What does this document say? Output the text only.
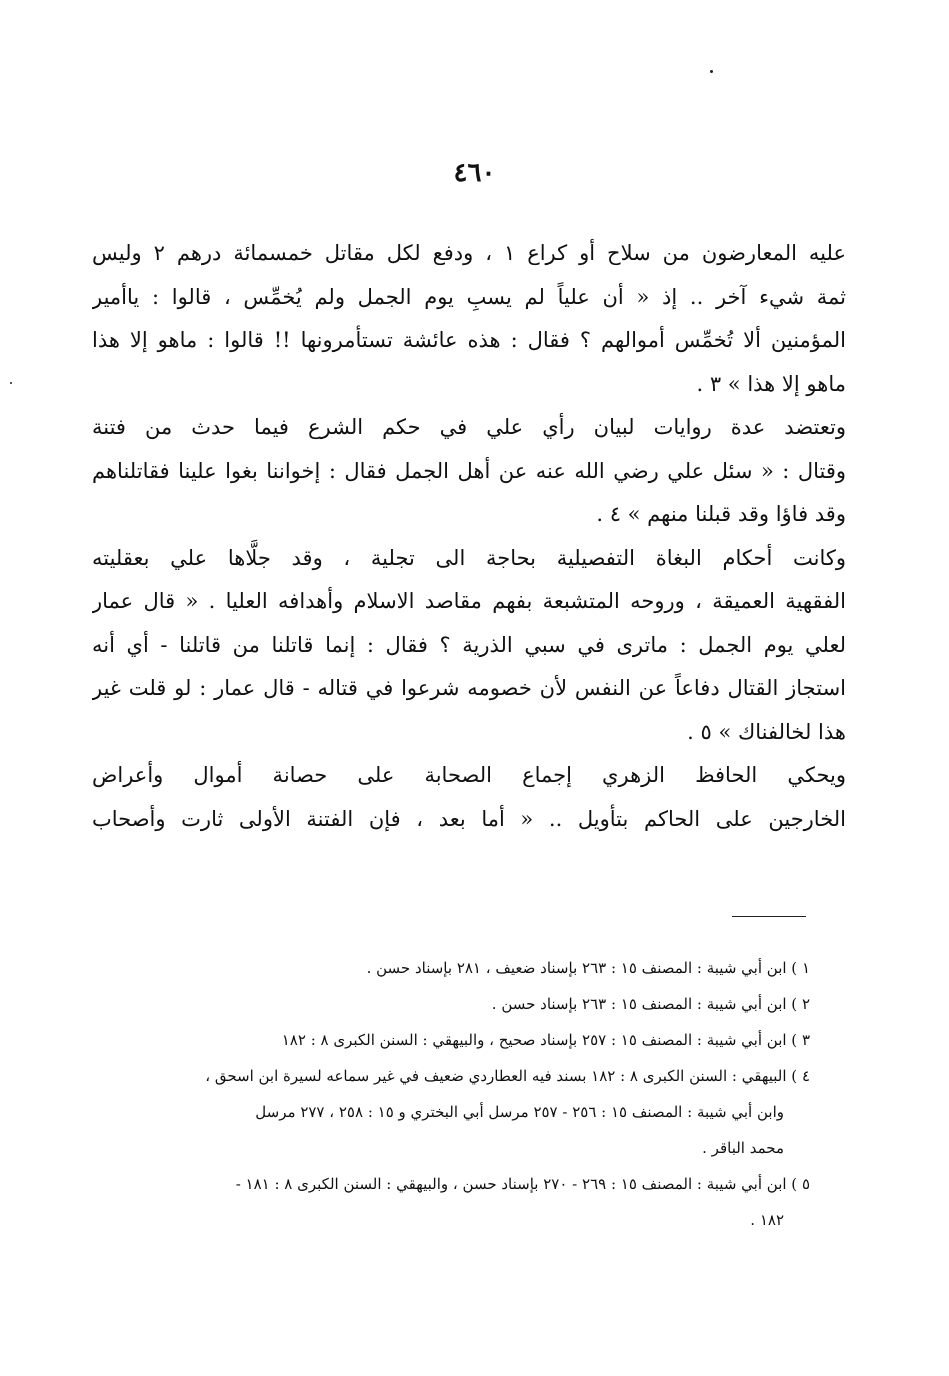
٤٦٠
عليه المعارضون من سلاح أو كراع ١ ، ودفع لكل مقاتل خمسمائة درهم ٢ وليس
ثمة شيء آخر .. إذ « أن علياً لم يسبِ يوم الجمل ولم يُخمِّس ، قالوا : ياأمير
المؤمنين ألا تُخمِّس أموالهم ؟ فقال : هذه عائشة تستأمرونها !! قالوا : ماهو إلا هذا
ماهو إلا هذا » ٣ .
وتعتضد عدة روايات لبيان رأي علي في حكم الشرع فيما حدث من فتنة
وقتال : « سئل علي رضي الله عنه عن أهل الجمل فقال : إخواننا بغوا علينا فقاتلناهم
وقد فاؤا وقد قبلنا منهم » ٤ .
وكانت أحكام البغاة التفصيلية بحاجة الى تجلية ، وقد جلَّاها علي بعقليته
الفقهية العميقة ، وروحه المتشبعة بفهم مقاصد الاسلام وأهدافه العليا . « قال عمار
لعلي يوم الجمل : ماترى في سبي الذرية ؟ فقال : إنما قاتلنا من قاتلنا - أي أنه
استجاز القتال دفاعاً عن النفس لأن خصومه شرعوا في قتاله - قال عمار : لو قلت غير
هذا لخالفناك » ٥ .
ويحكي الحافظ الزهري إجماع الصحابة على حصانة أموال وأعراض
الخارجين على الحاكم بتأويل .. « أما بعد ، فإن الفتنة الأولى ثارت وأصحاب
١ ) ابن أبي شيبة : المصنف ١٥ : ٢٦٣ بإسناد ضعيف ، ٢٨١ بإسناد حسن .
٢ ) ابن أبي شيبة : المصنف ١٥ : ٢٦٣ بإسناد حسن .
٣ ) ابن أبي شيبة : المصنف ١٥ : ٢٥٧ بإسناد صحيح ، والبيهقي : السنن الكبرى ٨ : ١٨٢
٤ ) البيهقي : السنن الكبرى ٨ : ١٨٢ بسند فيه العطاردي ضعيف في غير سماعه لسيرة ابن اسحق ،
وابن أبي شيبة : المصنف ١٥ : ٢٥٦ - ٢٥٧ مرسل أبي البختري و ١٥ : ٢٥٨ ، ٢٧٧ مرسل
محمد الباقر .
٥ ) ابن أبي شيبة : المصنف ١٥ : ٢٦٩ - ٢٧٠ بإسناد حسن ، والبيهقي : السنن الكبرى ٨ : ١٨١ -
١٨٢ .
